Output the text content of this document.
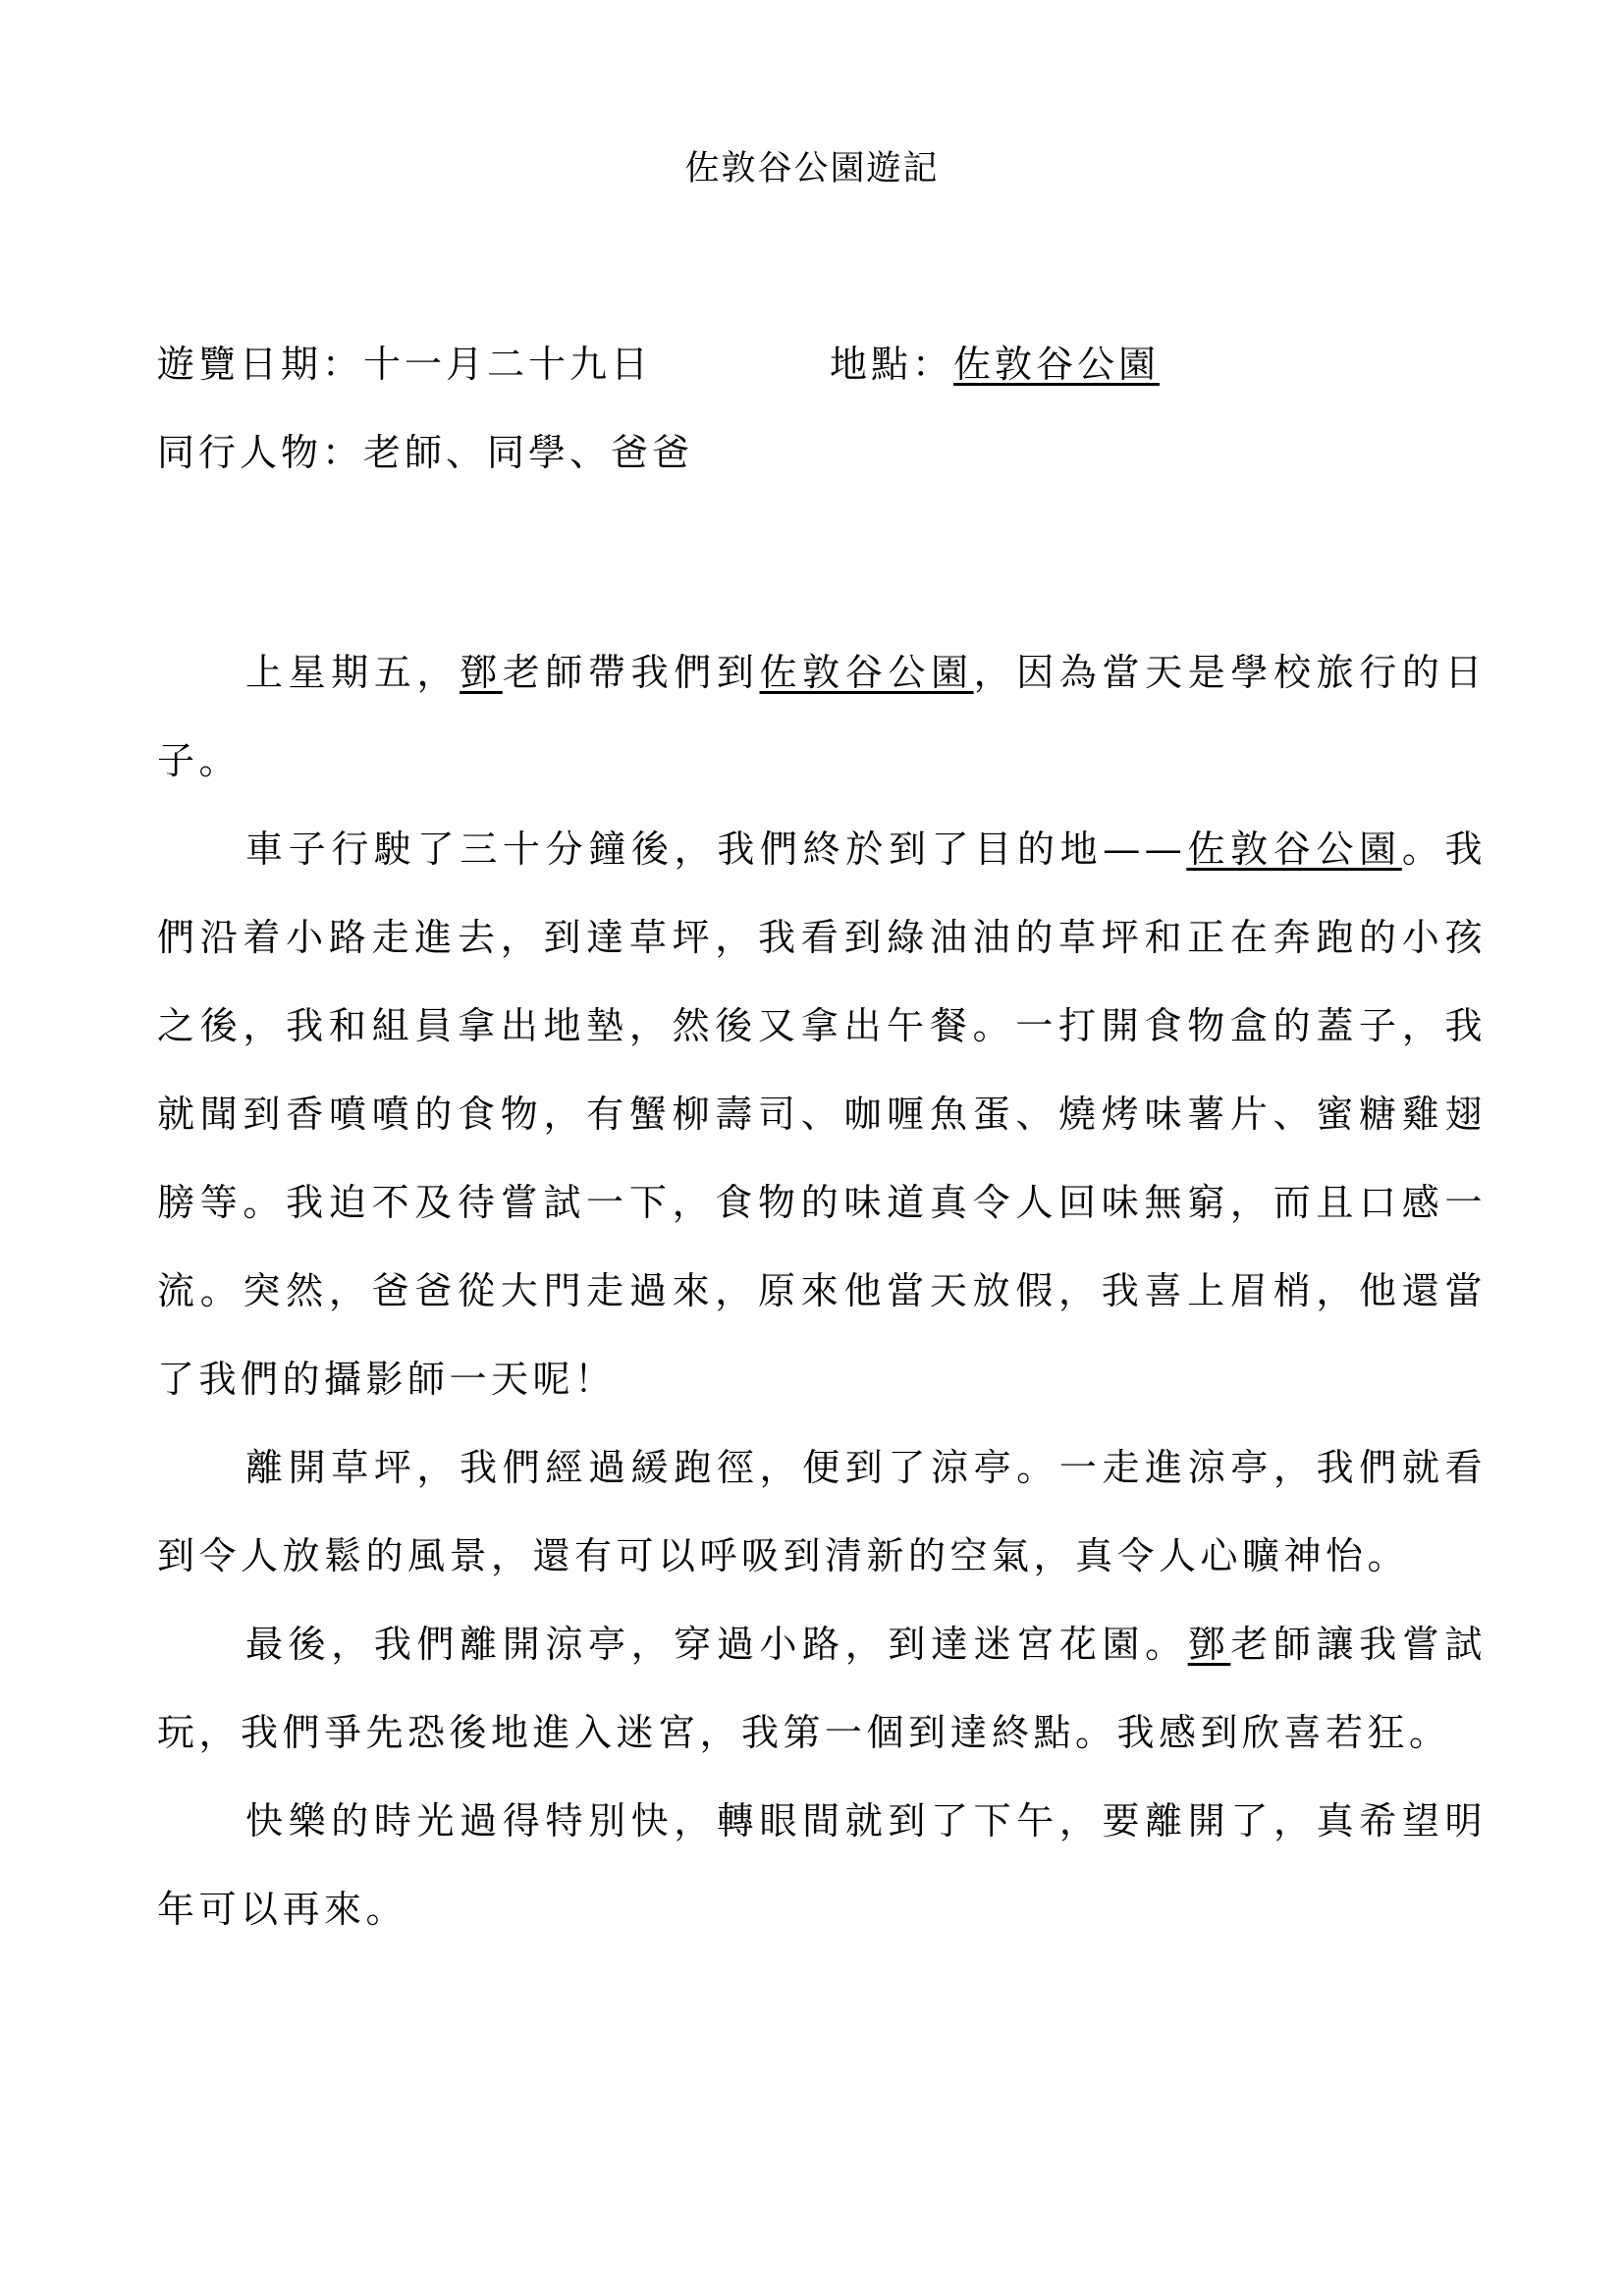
佐敦谷公園遊記
遊覽日期：十一月二十九日	地點：佐敦谷公園
同行人物：老師、同學、爸爸

上星期五，鄧老師帶我們到佐敦谷公園，因為當天是學校旅行的日子。

車子行駛了三十分鐘後，我們終於到了目的地——佐敦谷公園。我們沿着小路走進去，到達草坪，我看到綠油油的草坪和正在奔跑的小孩之後，我和組員拿出地墊，然後又拿出午餐。一打開食物盒的蓋子，我就聞到香噴噴的食物，有蟹柳壽司、咖喱魚蛋、燒烤味薯片、蜜糖雞翅膀等。我迫不及待嘗試一下，食物的味道真令人回味無窮，而且口感一流。突然，爸爸從大門走過來，原來他當天放假，我喜上眉梢，他還當了我們的攝影師一天呢！

離開草坪，我們經過緩跑徑，便到了涼亭。一走進涼亭，我們就看到令人放鬆的風景，還有可以呼吸到清新的空氣，真令人心曠神怡。

最後，我們離開涼亭，穿過小路，到達迷宮花園。鄧老師讓我嘗試玩，我們爭先恐後地進入迷宮，我第一個到達終點。我感到欣喜若狂。

快樂的時光過得特別快，轉眼間就到了下午，要離開了，真希望明年可以再來。
